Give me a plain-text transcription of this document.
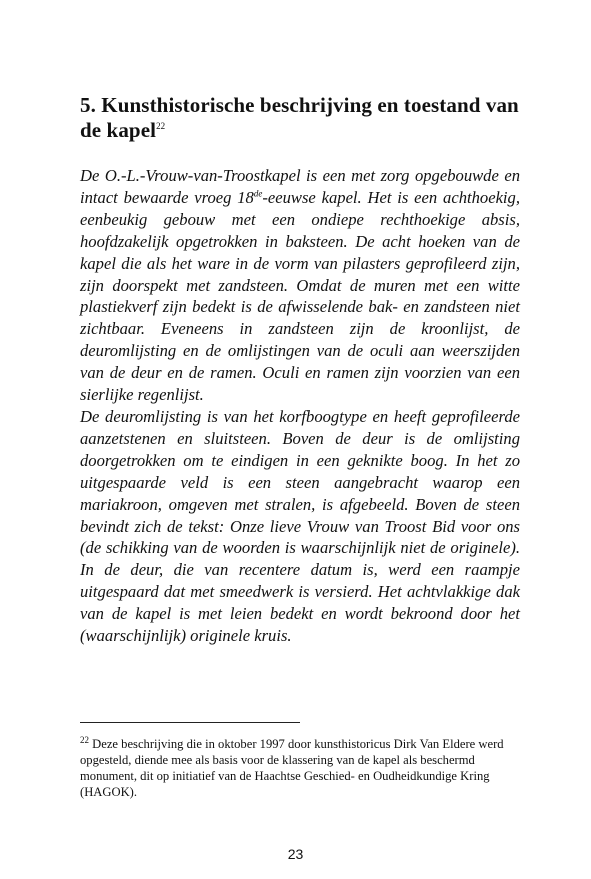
5. Kunsthistorische beschrijving en toestand van de kapel$^{22}$

De O.-L.-Vrouw-van-Troostkapel is een met zorg opgebouwde en intact bewaarde vroeg 18de-eeuwse kapel. Het is een achthoekig, eenbeukig gebouw met een ondiepe rechthoekige absis, hoofdzakelijk opgetrokken in baksteen. De acht hoeken van de kapel die als het ware in de vorm van pilasters geprofileerd zijn, zijn doorspekt met zandsteen. Omdat de muren met een witte plastiekverf zijn bedekt is de afwisselende bak- en zandsteen niet zichtbaar. Eveneens in zandsteen zijn de kroonlijst, de deuromlijsting en de omlijstingen van de oculi aan weerszijden van de deur en de ramen. Oculi en ramen zijn voorzien van een sierlijke regenlijst.

De deuromlijsting is van het korfboogtype en heeft geprofileerde aanzetstenen en sluitsteen. Boven de deur is de omlijsting doorgetrokken om te eindigen in een geknikte boog. In het zo uitgespaarde veld is een steen aangebracht waarop een mariakroon, omgeven met stralen, is afgebeeld. Boven de steen bevindt zich de tekst: Onze lieve Vrouw van Troost Bid voor ons (de schikking van de woorden is waarschijnlijk niet de originele). In de deur, die van recentere datum is, werd een raampje uitgespaard dat met smeedwerk is versierd. Het achtvlakkige dak van de kapel is met leien bedekt en wordt bekroond door het (waarschijnlijk) originele kruis.

$^{22}$ Deze beschrijving die in oktober 1997 door kunsthistoricus Dirk Van Eldere werd opgesteld, diende mee als basis voor de klassering van de kapel als beschermd monument, dit op initiatief van de Haachtse Geschied- en Oudheidkundige Kring (HAGOK).

23
